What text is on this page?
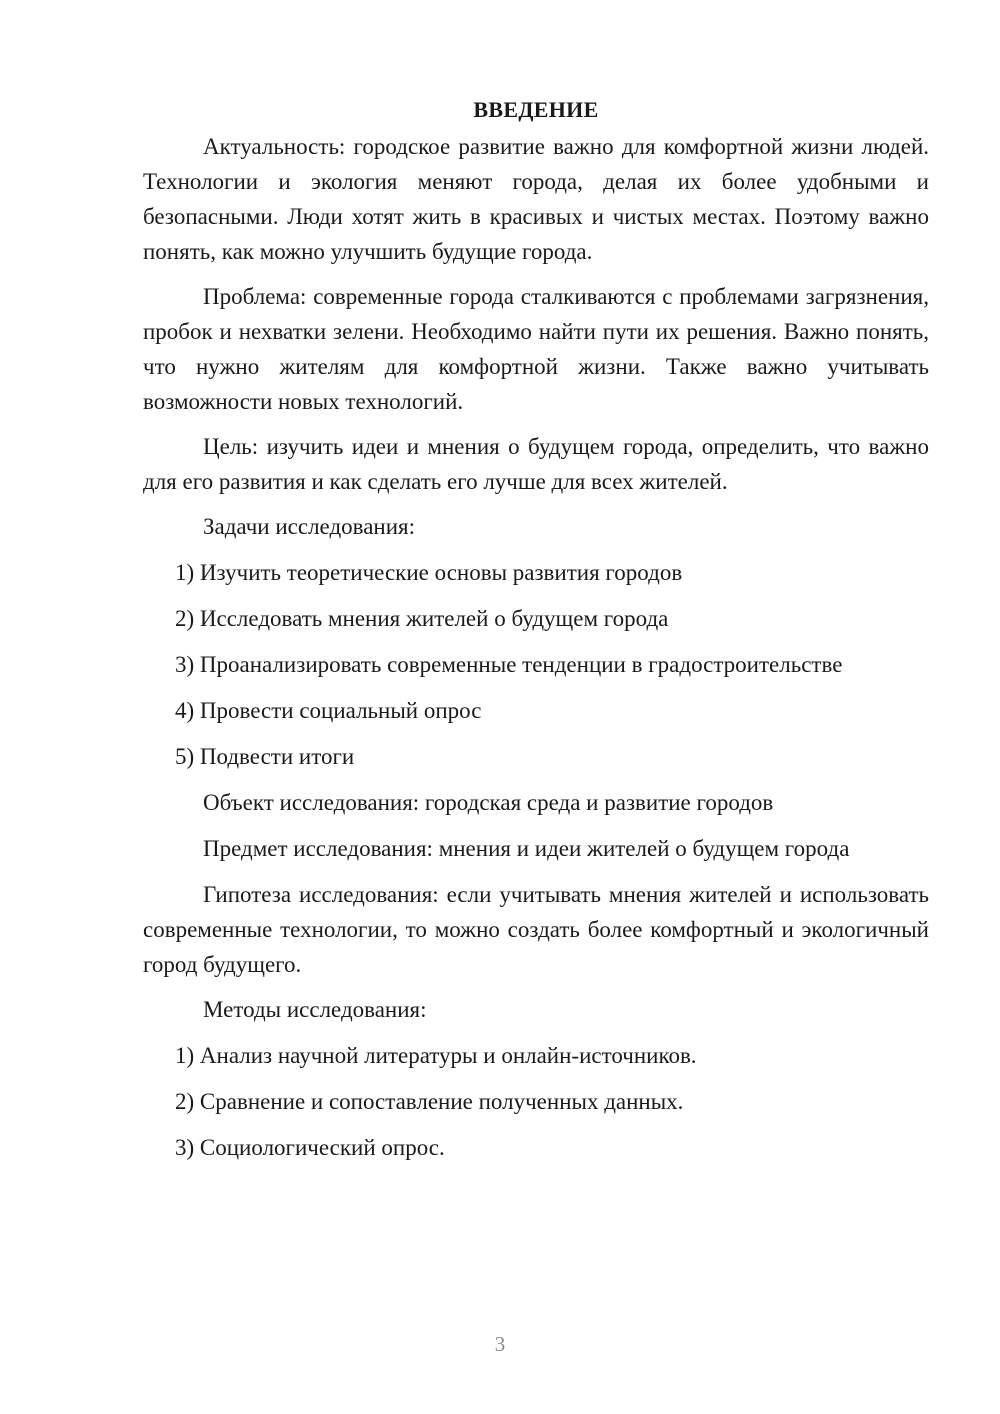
ВВЕДЕНИЕ

Актуальность: городское развитие важно для комфортной жизни людей. Технологии и экология меняют города, делая их более удобными и безопасными. Люди хотят жить в красивых и чистых местах. Поэтому важно понять, как можно улучшить будущие города.

Проблема: современные города сталкиваются с проблемами загрязнения, пробок и нехватки зелени. Необходимо найти пути их решения. Важно понять, что нужно жителям для комфортной жизни. Также важно учитывать возможности новых технологий.

Цель: изучить идеи и мнения о будущем города, определить, что важно для его развития и как сделать его лучше для всех жителей.

Задачи исследования:

1) Изучить теоретические основы развития городов
2) Исследовать мнения жителей о будущем города
3) Проанализировать современные тенденции в градостроительстве
4) Провести социальный опрос
5) Подвести итоги

Объект исследования: городская среда и развитие городов

Предмет исследования: мнения и идеи жителей о будущем города

Гипотеза исследования: если учитывать мнения жителей и использовать современные технологии, то можно создать более комфортный и экологичный город будущего.

Методы исследования:

1) Анализ научной литературы и онлайн-источников.
2) Сравнение и сопоставление полученных данных.
3) Социологический опрос.
3
